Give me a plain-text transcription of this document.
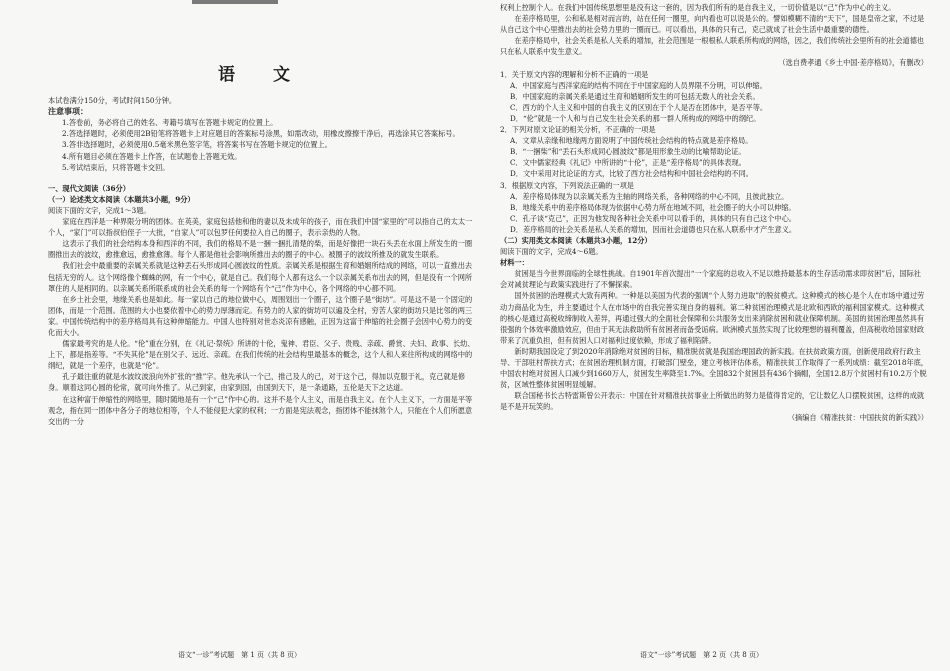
语 文

本试卷满分150分，考试时间150分钟。

注意事项：

1.答卷前，务必将自己的姓名、考籍号填写在答题卡规定的位置上。

2.答选择题时，必须使用2B铅笔将答题卡上对应题目的答案标号涂黑，如需改动，用橡皮擦擦干净后，再选涂其它答案标号。

3.答非选择题时，必须使用0.5毫米黑色签字笔，将答案书写在答题卡规定的位置上。

4.所有题目必须在答题卡上作答，在试题卷上答题无效。

5.考试结束后，只将答题卡交回。

一、现代文阅读（36分）

（一）论述类文本阅读（本题共3小题，9分）

阅读下面的文字，完成1～3题。

家庭在西洋是一种界限分明的团体。在英美，家庭包括他和他的妻以及未成年的孩子，而在我们中国“家里的”可以指自己的太太一个人，“家门”可以指叔伯侄子一大批，“自家人”可以包罗任何要拉入自己的圈子，表示亲热的人物。

这表示了我们的社会结构本身和西洋的不同，我们的格局不是一捆一捆扎清楚的柴，而是好像把一块石头丢在水面上所发生的一圈圈推出去的波纹，愈推愈远，愈推愈薄。每个人都是他社会影响所推出去的圈子的中心。被圈子的波纹所推及的就发生联系。

我们社会中最重要的亲属关系就是这种丢石头形成同心圆波纹的性质。亲属关系是根据生育和婚姻所结成的网络，可以一直推出去包括无穷的人。这个网络像个蜘蛛的网，有一个中心，就是自己。我们每个人都有这么一个以亲属关系布出去的网，但是没有一个网所罩住的人是相同的。以亲属关系所联系成的社会关系的每一个网络有个“己”作为中心，各个网络的中心都不同。

在乡土社会里，地缘关系也是如此。每一家以自己的地位做中心，周围划出一个圈子，这个圈子是“街坊”。可是这不是一个固定的团体，而是一个范围。范围的大小也要依着中心的势力厚薄而定。有势力的人家的街坊可以遍及全村，穷苦人家的街坊只是比邻的两三家。中国传统结构中的差序格局具有这种伸缩能力。中国人也特别对世态炎凉有感触，正因为这富于伸缩的社会圈子会因中心势力的变化而大小。

儒家最考究的是人伦。“伦”重在分别，在《礼记·祭统》所讲的十伦，鬼神、君臣、父子、贵贱、亲疏、爵赏、夫妇、政事、长幼、上下，都是指差等。“不失其伦”是在别父子、远近、亲疏。在我们传统的社会结构里最基本的概念，这个人和人来往所构成的网络中的纲纪，就是一个差序，也就是“伦”。

孔子最注重的就是水波纹波浪向外扩张的“推”字。他先承认一个己，推己及人的己，对于这个己，得加以克服于礼，克己就是修身。顺着这同心圆的伦常，就可向外推了。从己到家，由家到国，由国到天下，是一条通路，五伦是天下之达道。

在这种富于伸缩性的网络里，随时随地是有一个“己”作中心的。这并不是个人主义，而是自我主义。在个人主义下，一方面是平等观念，指在同一团体中各分子的地位相等，个人不能侵犯大家的权利；一方面是宪法观念，指团体不能抹煞个人，只能在个人们所愿意交出的一分

语文“一诊”考试题　第 1 页（共 8 页）

权利上控制个人。在我们中国传统思想里是没有这一套的，因为我们所有的是自我主义，一切价值是以“己”作为中心的主义。

在差序格局里，公和私是相对而言的，站在任何一圈里，向内看也可以说是公的。譬如模糊不清的“天下”，国是皇帝之家，不过是从自己这个中心里推出去的社会势力里的一圈而已。可以看出，具体的只有己，克己就成了社会生活中最重要的德性。

在差序格局中，社会关系是私人关系的增加，社会范围是一根根私人联系所构成的网络，因之，我们传统社会里所有的社会道德也只在私人联系中发生意义。

（选自费孝通《乡土中国·差序格局》，有删改）

1．关于原文内容的理解和分析不正确的一项是

A．中国家庭与西洋家庭的结构不同在于中国家庭的人员界限不分明，可以伸缩。

B．中国家庭的亲属关系是通过生育和婚姻所发生的可包括无数人的社会关系。

C．西方的个人主义和中国的自我主义的区别在于个人是否在团体中，是否平等。

D．“伦”就是一个人和与自己发生社会关系的那一群人所构成的网络中的纲纪。

2．下列对原文论证的相关分析，不正确的一项是

A．文章从亲缘和地缘两方面说明了中国传统社会结构的特点就是差序格局。

B．“一捆柴”和“丢石头形成同心圆波纹”都是用形象生动的比喻帮助论证。

C．文中儒家经典《礼记》中所讲的“十伦”，正是“差序格局”的具体表现。

D．文中采用对比论证的方式，比较了西方社会结构和中国社会结构的不同。

3．根据原文内容，下列说法正确的一项是

A．差序格局体现为以亲属关系为主轴的网络关系，各种网络的中心不同，且彼此独立。

B．地缘关系中的差序格局体现为依据中心势力所在地域不同，社会圈子的大小可以伸缩。

C．孔子谈“克己”，正因为他发现各种社会关系中可以看手的，具体的只有自己这个中心。

D．差序格局的社会关系是私人关系的增加，因而社会道德也只在私人联系中才产生意义。

（二）实用类文本阅读（本题共3小题，12分）

阅读下面的文字，完成4～6题。

材料一：

贫困是当今世界面临的全球性挑战。自1901年首次提出“一个家庭的总收入不足以维持最基本的生存活动需求即贫困”后，国际社会对减贫理论与政策实践进行了不懈探索。

国外贫困的治理模式大致有两种。一种是以美国为代表的强调“个人努力进取”的脱贫模式。这种模式的核心是个人在市场中通过劳动力商品化为生，并主要通过个人在市场中的自我完善实现自身的福利。第二种贫困治理模式是北欧和西欧的福利国家模式。这种模式的核心是通过高税收缔制收入差异，再通过强大的全面社会保障和公共服务支出来消除贫困和就业保障机制。美国的贫困治理虽然具有很强的个体效率激励效应，但由于其无法救助所有贫困者而备受诟病。欧洲模式虽然实现了比较理想的福利覆盖，但高税收给国家财政带来了沉重负担，但有贫困人口对福利过度依赖，形成了福利陷阱。

新时期我国设定了到2020年消除绝对贫困的目标，精准脱贫就是我国治理国政的新实践。在扶贫政策方面，创新使用政府行政主导、干部驻村帮扶方式；在贫困治理机制方面，打破部门壁垒，建立考核评估体系，精准扶贫工作取得了一系列成绩：截至2018年底，中国农村绝对贫困人口减少到1660万人，贫困发生率降至1.7%。全国832个贫困县有436个摘帽，全国12.8万个贫困村有10.2万个脱贫，区域性整体贫困明显缓解。

联合国秘书长古特雷斯曾公开表示：中国在针对精准扶贫事业上所做出的努力是值得肯定的，它让数亿人口摆脱贫困，这样的成就是不是开玩笑的。

（摘编自《精准扶贫：中国扶贫的新实践》）

语文“一诊”考试题　第 2 页（共 8 页）
